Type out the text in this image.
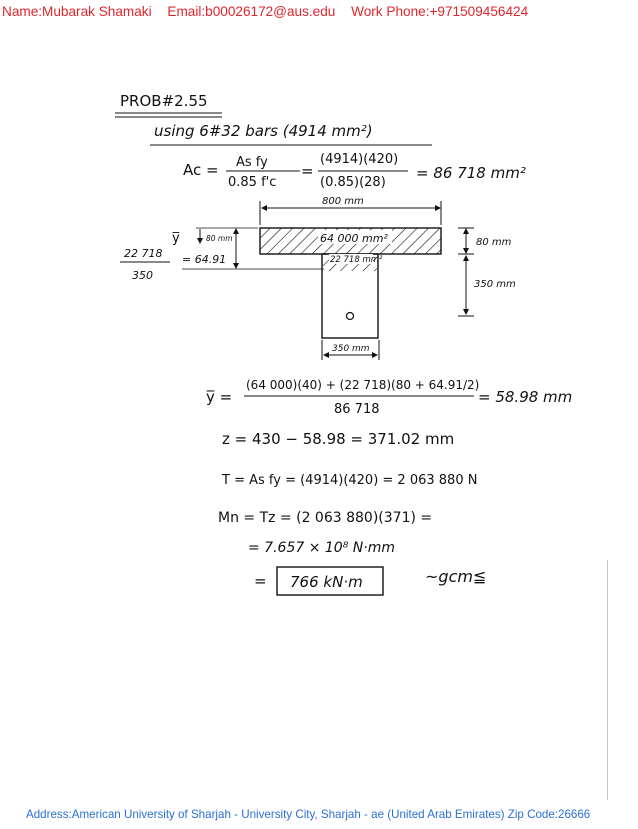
Name:Mubarak Shamaki Email:b00026172@aus.edu Work Phone:+971509456424
PROB#2.55
using 6#32 bars (4914 mm²)
Ac = As fy
0.85 f'c
=
(4914)(420)
(0.85)(28)
= 86 718 mm²
800 mm
64 000 mm²
22 718 mm²
80 mm
350 mm
350 mm
y̅	80 mm
= 64.91
22 718
350
y̅ =
(64 000)(40) + (22 718)(80 + 64.91/2)
86 718
= 58.98 mm
z = 430 − 58.98 = 371.02 mm
T = As fy = (4914)(420) = 2 063 880 N
Mn = Tz = (2 063 880)(371) =
= 7.657 × 10⁸ N·mm
= 766 kN·m	~gcm≦
Address:American University of Sharjah - University City, Sharjah - ae (United Arab Emirates) Zip Code:26666
